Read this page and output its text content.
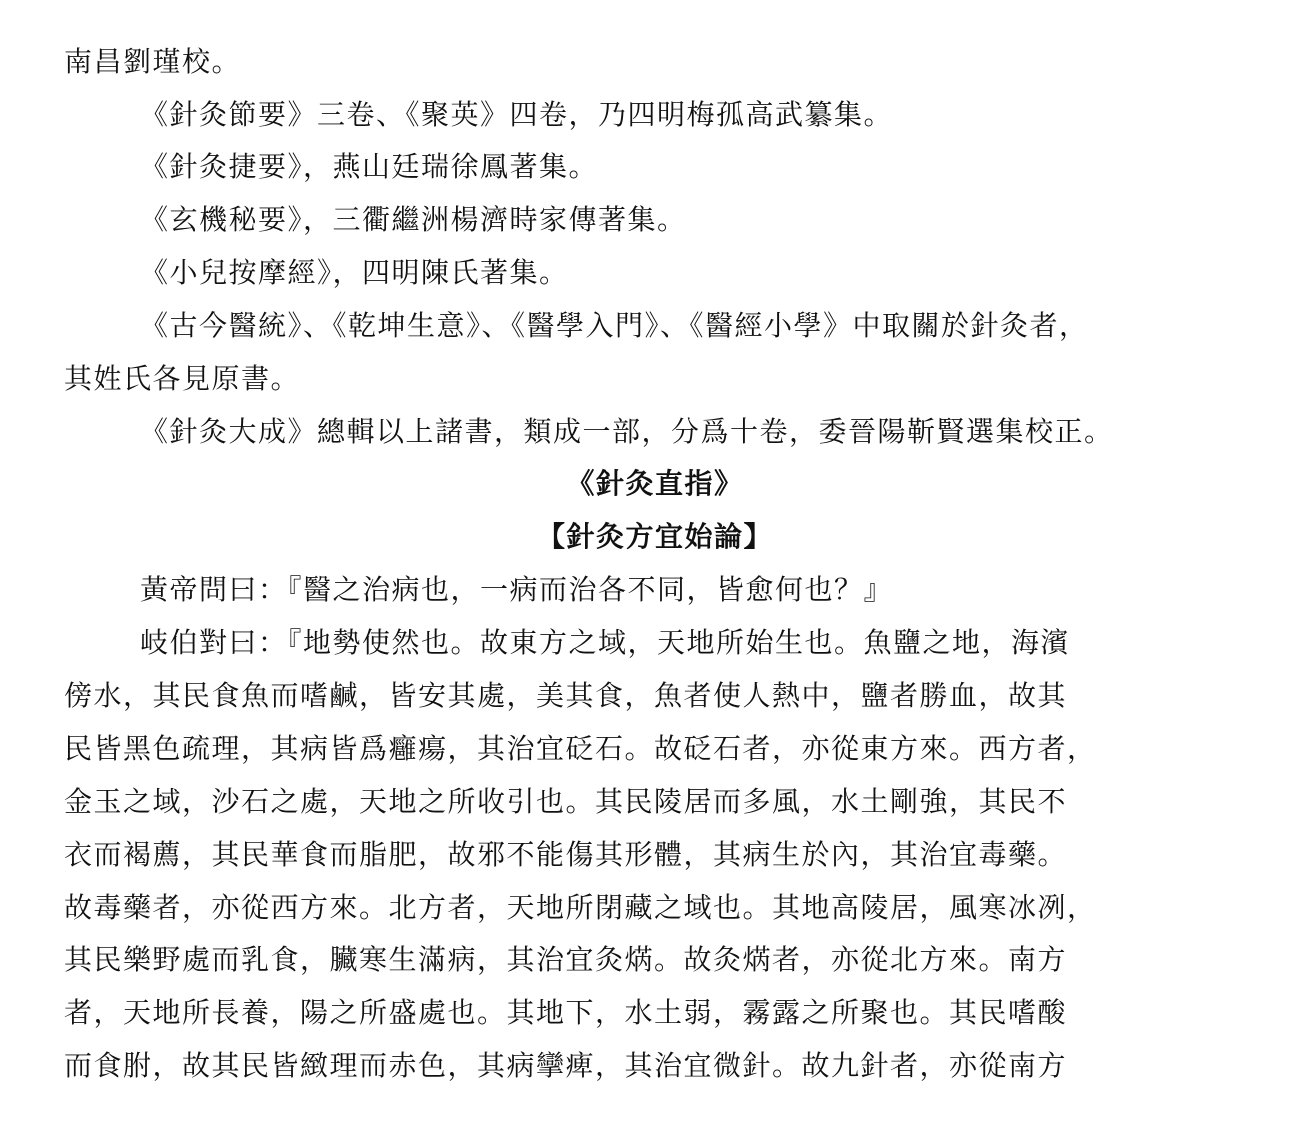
南昌劉瑾校。
《針灸節要》三卷、《聚英》四卷，乃四明梅孤高武纂集。
《針灸捷要》，燕山廷瑞徐鳳著集。
《玄機秘要》，三衢繼洲楊濟時家傳著集。
《小兒按摩經》，四明陳氏著集。
《古今醫統》、《乾坤生意》、《醫學入門》、《醫經小學》中取關於針灸者，
其姓氏各見原書。
《針灸大成》總輯以上諸書，類成一部，分爲十卷，委晉陽靳賢選集校正。
《針灸直指》
【針灸方宜始論】
黃帝問曰：『醫之治病也，一病而治各不同，皆愈何也？』
岐伯對曰：『地勢使然也。故東方之域，天地所始生也。魚鹽之地，海濱
傍水，其民食魚而嗜鹹，皆安其處，美其食，魚者使人熱中，鹽者勝血，故其
民皆黑色疏理，其病皆爲癰瘍，其治宜砭石。故砭石者，亦從東方來。西方者，
金玉之域，沙石之處，天地之所收引也。其民陵居而多風，水土剛強，其民不
衣而褐薦，其民華食而脂肥，故邪不能傷其形體，其病生於內，其治宜毒藥。
故毒藥者，亦從西方來。北方者，天地所閉藏之域也。其地高陵居，風寒冰冽，
其民樂野處而乳食，臟寒生滿病，其治宜灸焫。故灸焫者，亦從北方來。南方
者，天地所長養，陽之所盛處也。其地下，水土弱，霧露之所聚也。其民嗜酸
而食胕，故其民皆緻理而赤色，其病攣痺，其治宜微針。故九針者，亦從南方
